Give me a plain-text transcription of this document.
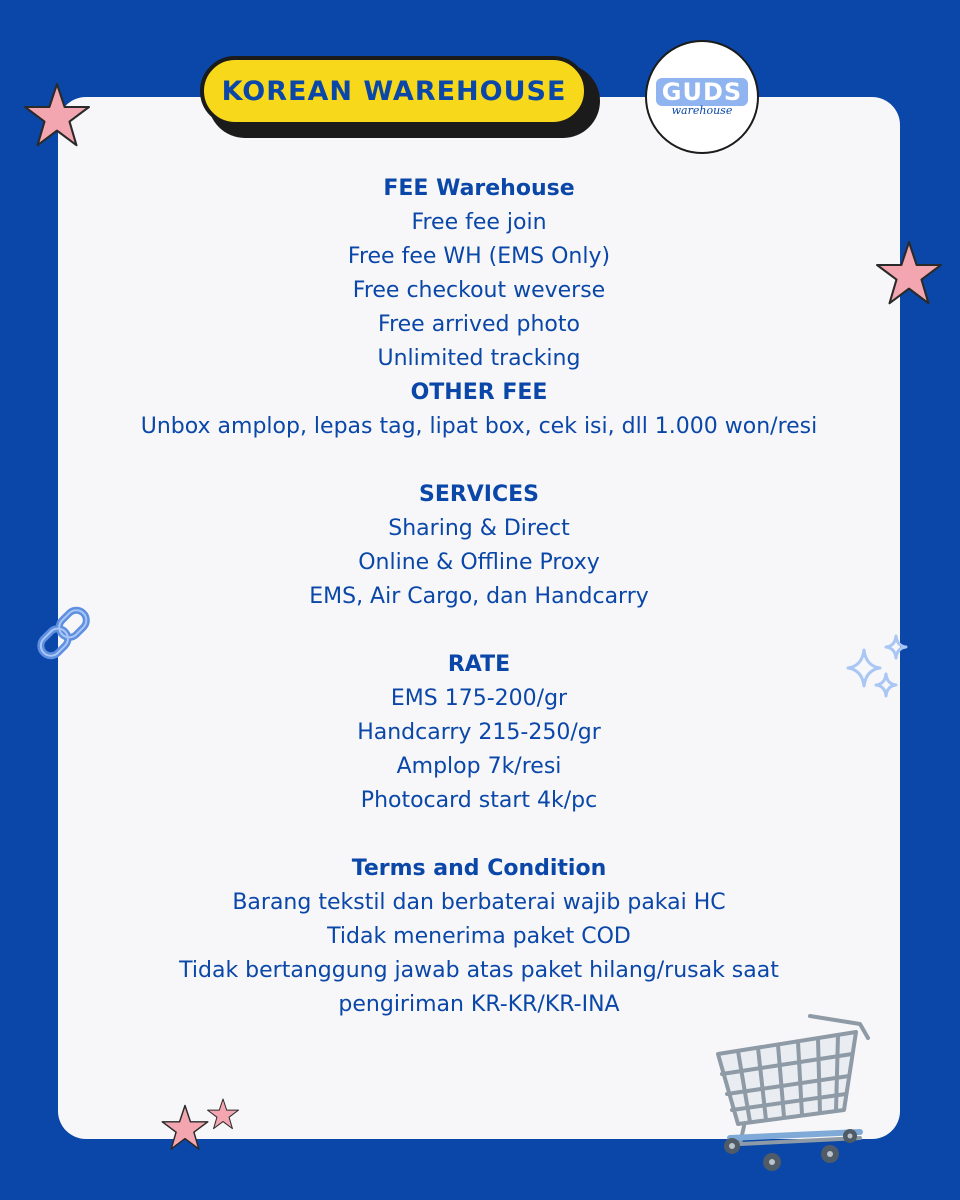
KOREAN WAREHOUSE	GUDS
warehouse
FEE Warehouse
Free fee join
Free fee WH (EMS Only)
Free checkout weverse
Free arrived photo
Unlimited tracking
OTHER FEE
Unbox amplop, lepas tag, lipat box, cek isi, dll 1.000 won/resi
SERVICES
Sharing & Direct
Online & Offline Proxy
EMS, Air Cargo, dan Handcarry
RATE
EMS 175-200/gr
Handcarry 215-250/gr
Amplop 7k/resi
Photocard start 4k/pc
Terms and Condition
Barang tekstil dan berbaterai wajib pakai HC
Tidak menerima paket COD
Tidak bertanggung jawab atas paket hilang/rusak saat
pengiriman KR-KR/KR-INA
